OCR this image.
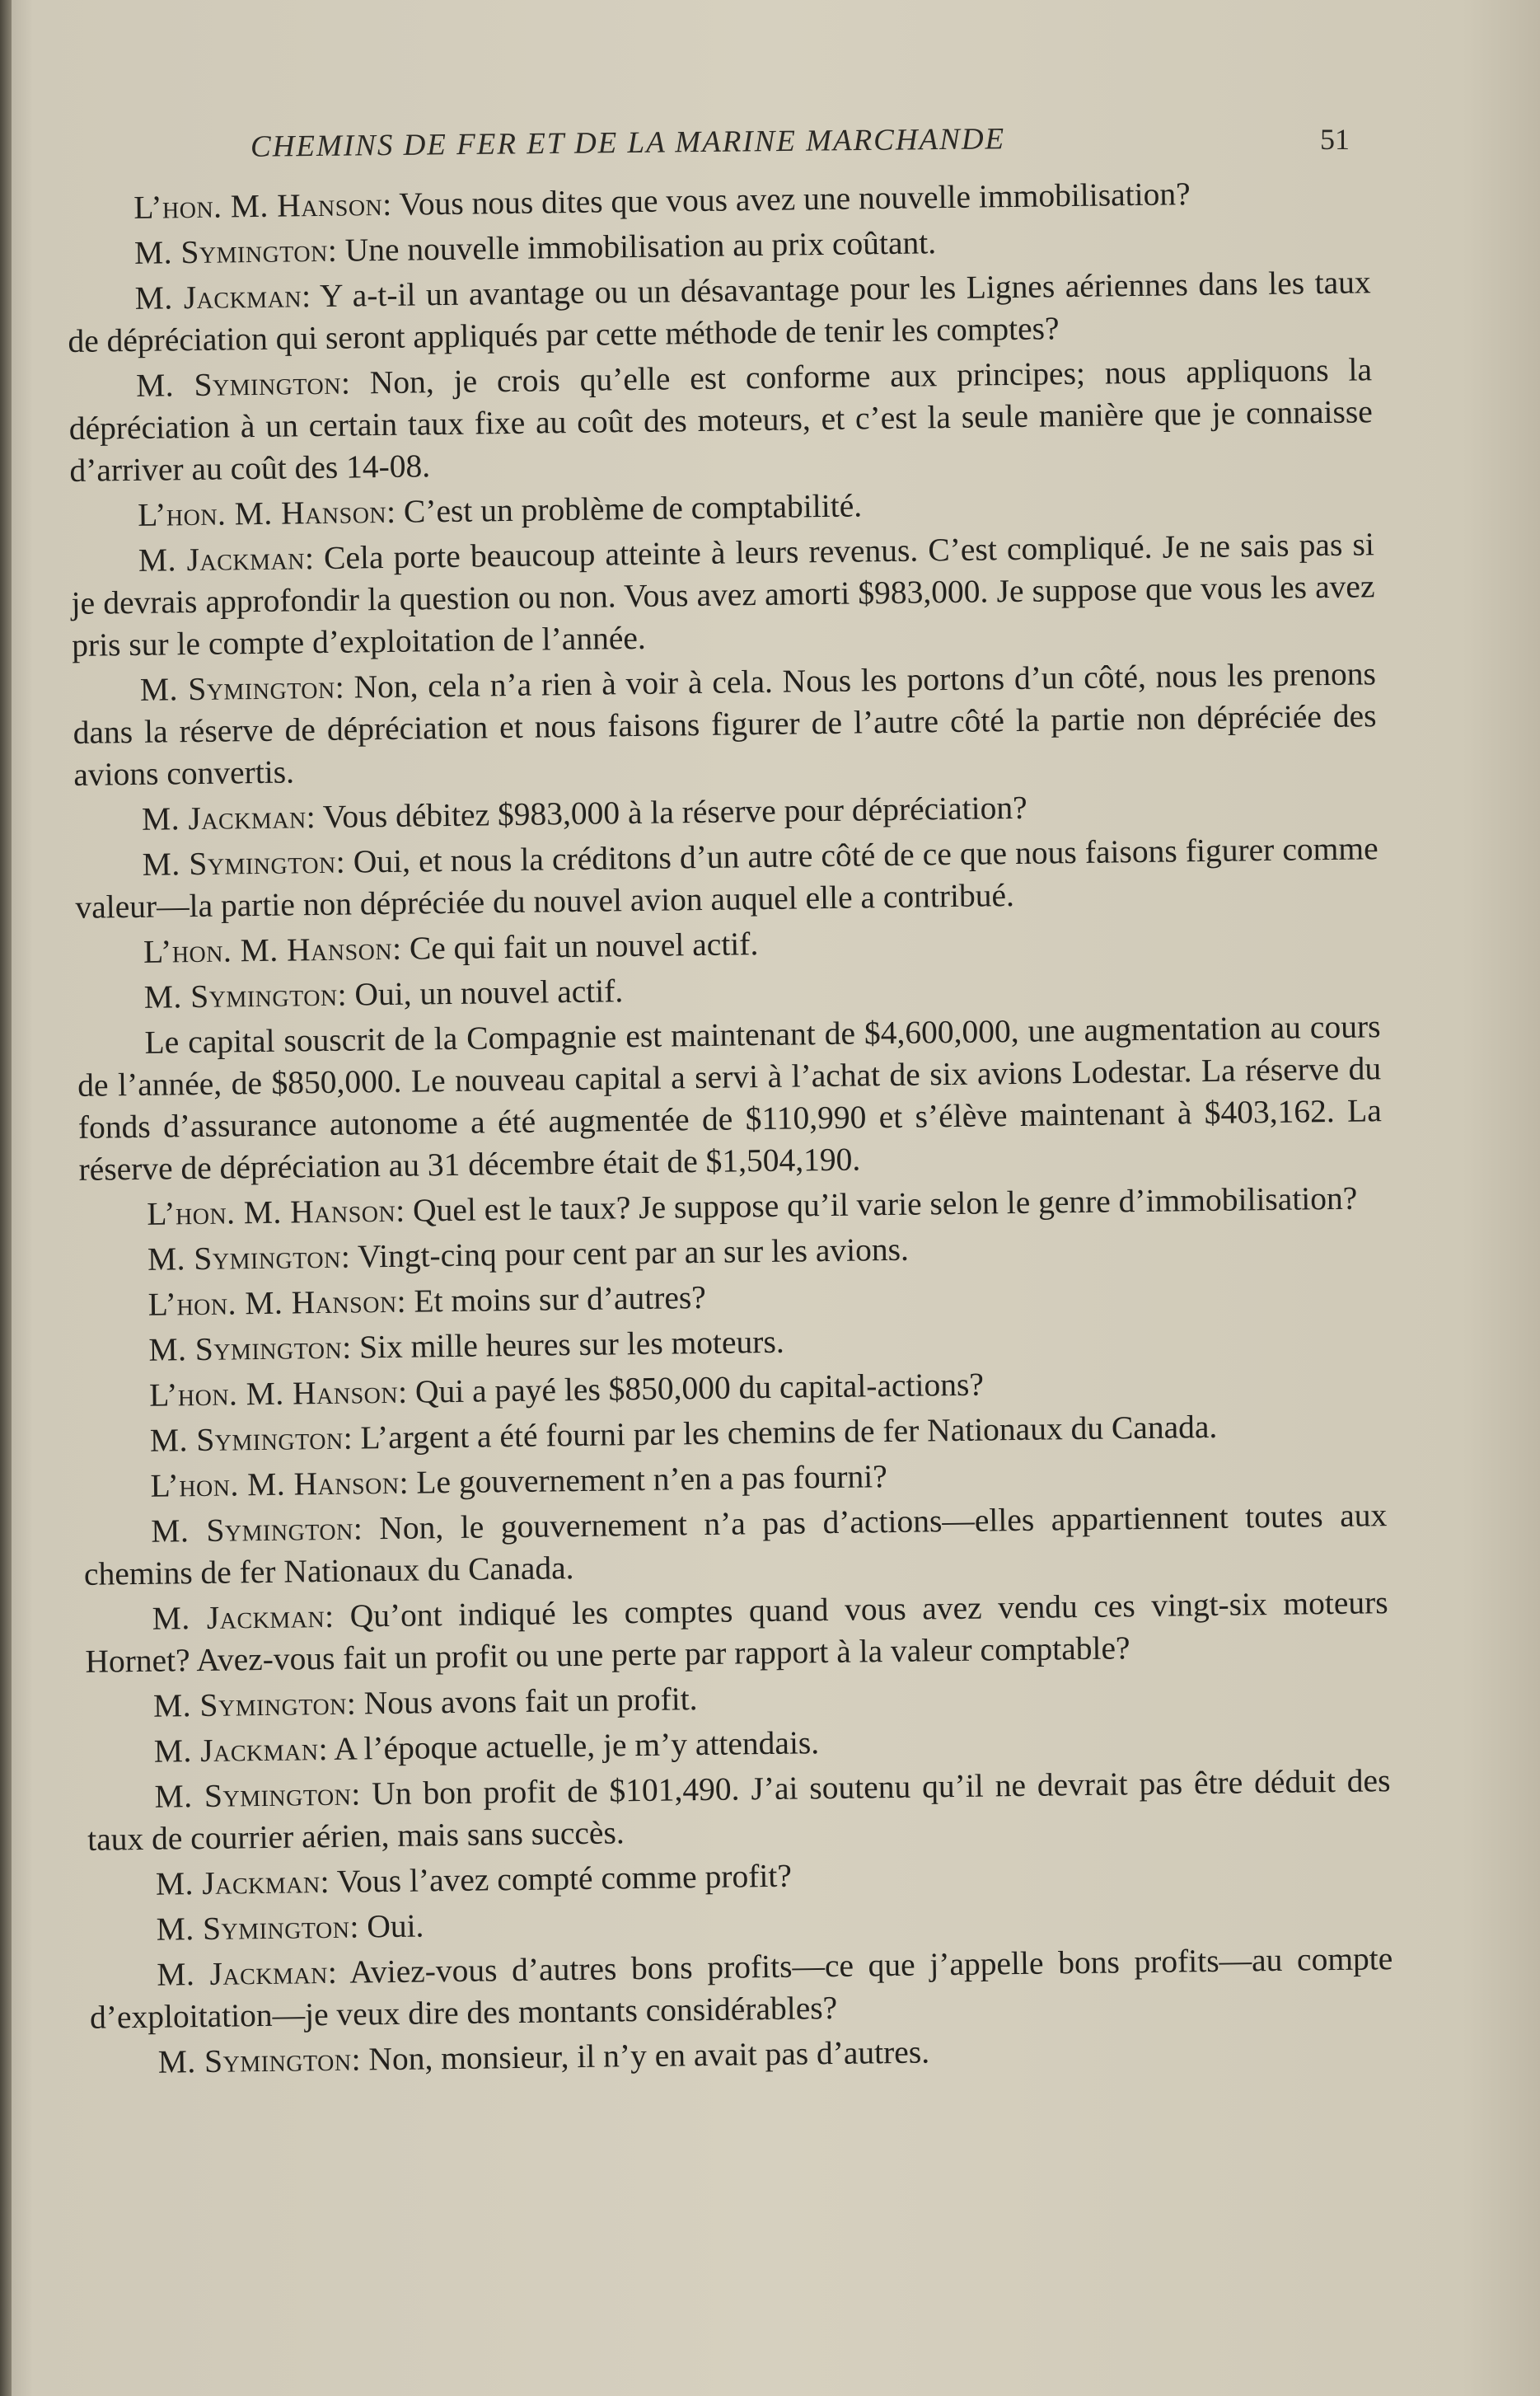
CHEMINS DE FER ET DE LA MARINE MARCHANDE	51

L’hon. M. Hanson: Vous nous dites que vous avez une nouvelle immobilisation?

M. Symington: Une nouvelle immobilisation au prix coûtant.

M. Jackman: Y a-t-il un avantage ou un désavantage pour les Lignes aériennes dans les taux de dépréciation qui seront appliqués par cette méthode de tenir les comptes?

M. Symington: Non, je crois qu’elle est conforme aux principes; nous appliquons la dépréciation à un certain taux fixe au coût des moteurs, et c’est la seule manière que je connaisse d’arriver au coût des 14-08.

L’hon. M. Hanson: C’est un problème de comptabilité.

M. Jackman: Cela porte beaucoup atteinte à leurs revenus. C’est compliqué. Je ne sais pas si je devrais approfondir la question ou non. Vous avez amorti $983,000. Je suppose que vous les avez pris sur le compte d’exploitation de l’année.

M. Symington: Non, cela n’a rien à voir à cela. Nous les portons d’un côté, nous les prenons dans la réserve de dépréciation et nous faisons figurer de l’autre côté la partie non dépréciée des avions convertis.

M. Jackman: Vous débitez $983,000 à la réserve pour dépréciation?

M. Symington: Oui, et nous la créditons d’un autre côté de ce que nous faisons figurer comme valeur—la partie non dépréciée du nouvel avion auquel elle a contribué.

L’hon. M. Hanson: Ce qui fait un nouvel actif.

M. Symington: Oui, un nouvel actif.

Le capital souscrit de la Compagnie est maintenant de $4,600,000, une augmentation au cours de l’année, de $850,000. Le nouveau capital a servi à l’achat de six avions Lodestar. La réserve du fonds d’assurance autonome a été augmentée de $110,990 et s’élève maintenant à $403,162. La réserve de dépréciation au 31 décembre était de $1,504,190.

L’hon. M. Hanson: Quel est le taux? Je suppose qu’il varie selon le genre d’immobilisation?

M. Symington: Vingt-cinq pour cent par an sur les avions.

L’hon. M. Hanson: Et moins sur d’autres?

M. Symington: Six mille heures sur les moteurs.

L’hon. M. Hanson: Qui a payé les $850,000 du capital-actions?

M. Symington: L’argent a été fourni par les chemins de fer Nationaux du Canada.

L’hon. M. Hanson: Le gouvernement n’en a pas fourni?

M. Symington: Non, le gouvernement n’a pas d’actions—elles appartiennent toutes aux chemins de fer Nationaux du Canada.

M. Jackman: Qu’ont indiqué les comptes quand vous avez vendu ces vingt-six moteurs Hornet? Avez-vous fait un profit ou une perte par rapport à la valeur comptable?

M. Symington: Nous avons fait un profit.

M. Jackman: A l’époque actuelle, je m’y attendais.

M. Symington: Un bon profit de $101,490. J’ai soutenu qu’il ne devrait pas être déduit des taux de courrier aérien, mais sans succès.

M. Jackman: Vous l’avez compté comme profit?

M. Symington: Oui.

M. Jackman: Aviez-vous d’autres bons profits—ce que j’appelle bons profits—au compte d’exploitation—je veux dire des montants considérables?

M. Symington: Non, monsieur, il n’y en avait pas d’autres.
